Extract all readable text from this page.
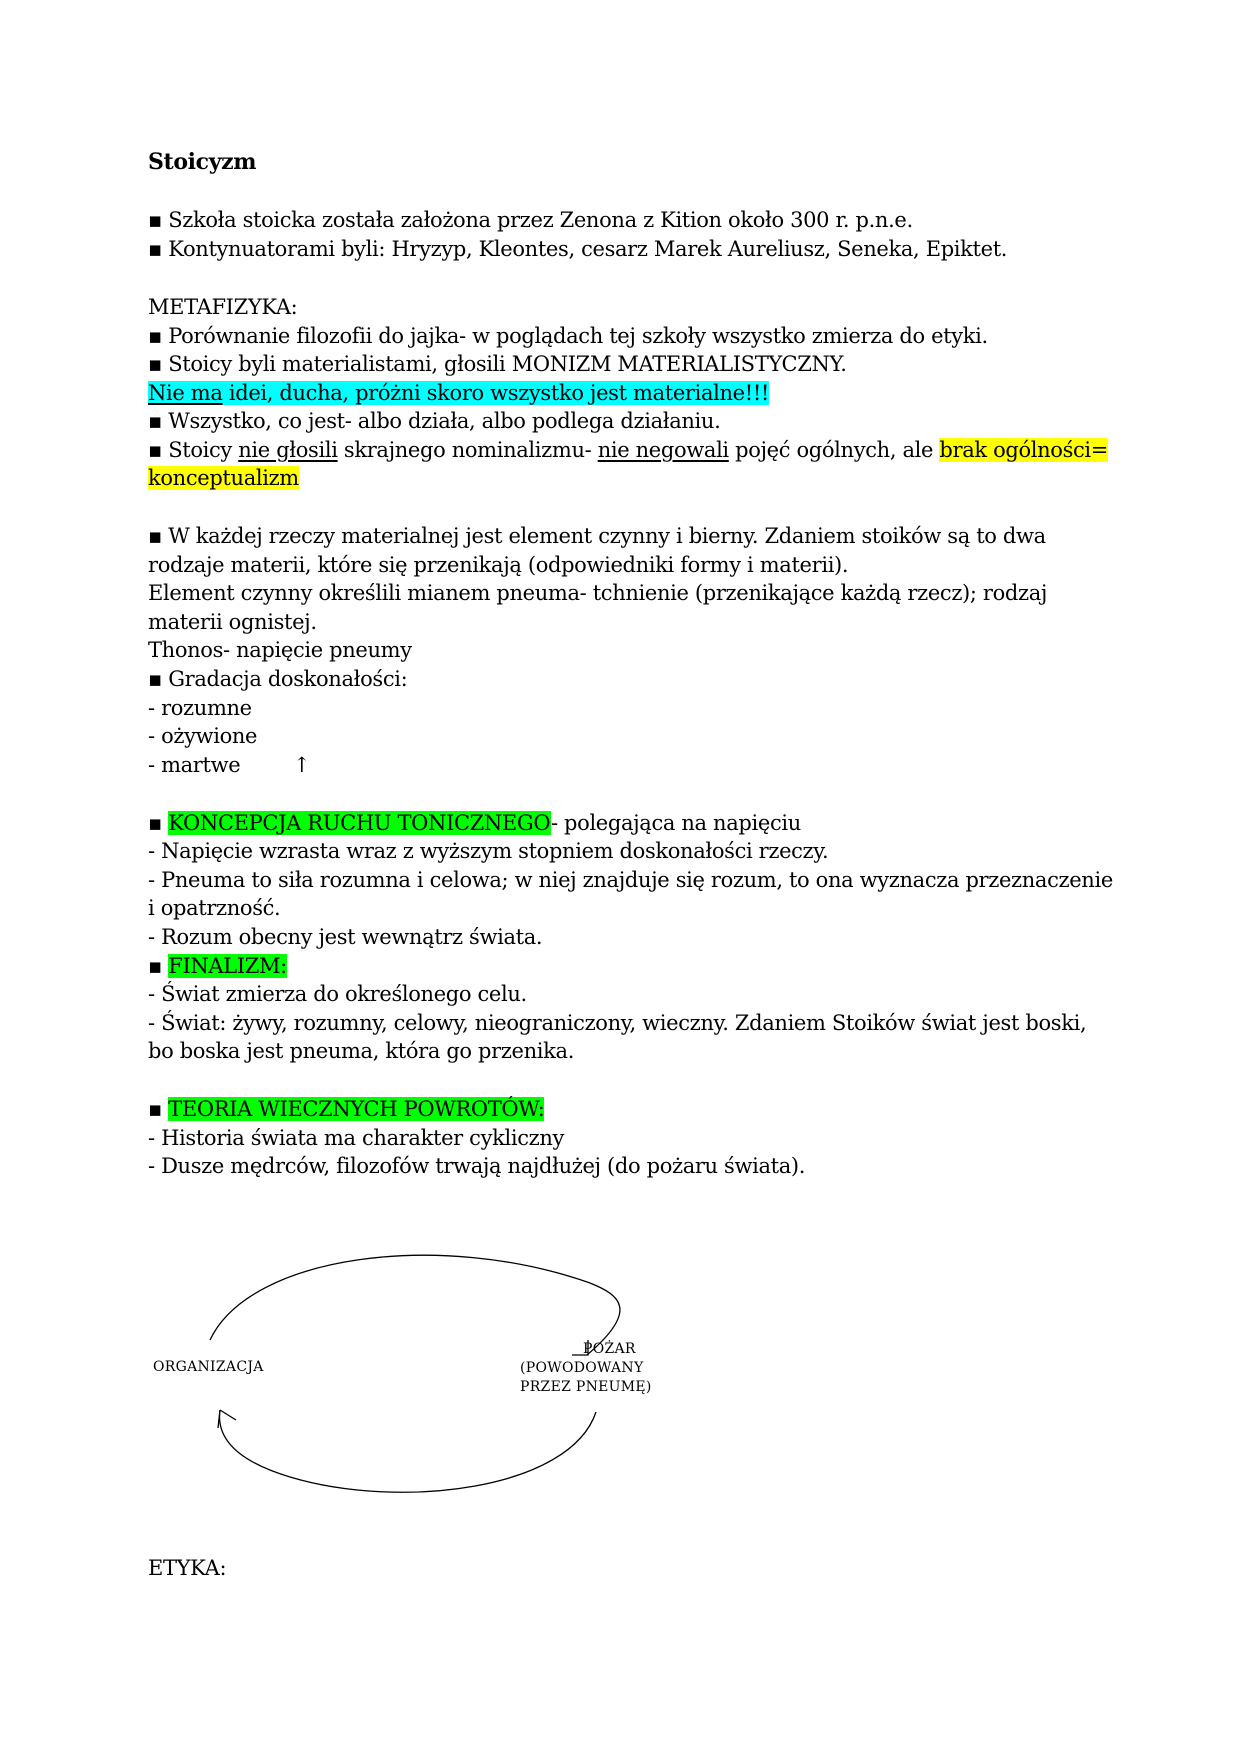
Stoicyzm
▪ Szkoła stoicka została założona przez Zenona z Kition około 300 r. p.n.e.
▪ Kontynuatorami byli: Hryzyp, Kleontes, cesarz Marek Aureliusz, Seneka, Epiktet.
METAFIZYKA:
▪ Porównanie filozofii do jajka- w poglądach tej szkoły wszystko zmierza do etyki.
▪ Stoicy byli materialistami, głosili MONIZM MATERIALISTYCZNY.
Nie ma idei, ducha, próżni skoro wszystko jest materialne!!!
▪ Wszystko, co jest- albo działa, albo podlega działaniu.
▪ Stoicy nie głosili skrajnego nominalizmu- nie negowali pojęć ogólnych, ale brak ogólności=
konceptualizm
▪ W każdej rzeczy materialnej jest element czynny i bierny. Zdaniem stoików są to dwa
rodzaje materii, które się przenikają (odpowiedniki formy i materii).
Element czynny określili mianem pneuma- tchnienie (przenikające każdą rzecz); rodzaj
materii ognistej.
Thonos- napięcie pneumy
▪ Gradacja doskonałości:
- rozumne
- ożywione
- martwe	↑
▪ KONCEPCJA RUCHU TONICZNEGO- polegająca na napięciu
- Napięcie wzrasta wraz z wyższym stopniem doskonałości rzeczy.
- Pneuma to siła rozumna i celowa; w niej znajduje się rozum, to ona wyznacza przeznaczenie
i opatrzność.
- Rozum obecny jest wewnątrz świata.
▪ FINALIZM:
- Świat zmierza do określonego celu.
- Świat: żywy, rozumny, celowy, nieograniczony, wieczny. Zdaniem Stoików świat jest boski,
bo boska jest pneuma, która go przenika.
▪ TEORIA WIECZNYCH POWROTÓW:
- Historia świata ma charakter cykliczny
- Dusze mędrców, filozofów trwają najdłużej (do pożaru świata).
ORGANIZACJA
POŻAR
(POWODOWANY
PRZEZ PNEUMĘ)
ETYKA:
